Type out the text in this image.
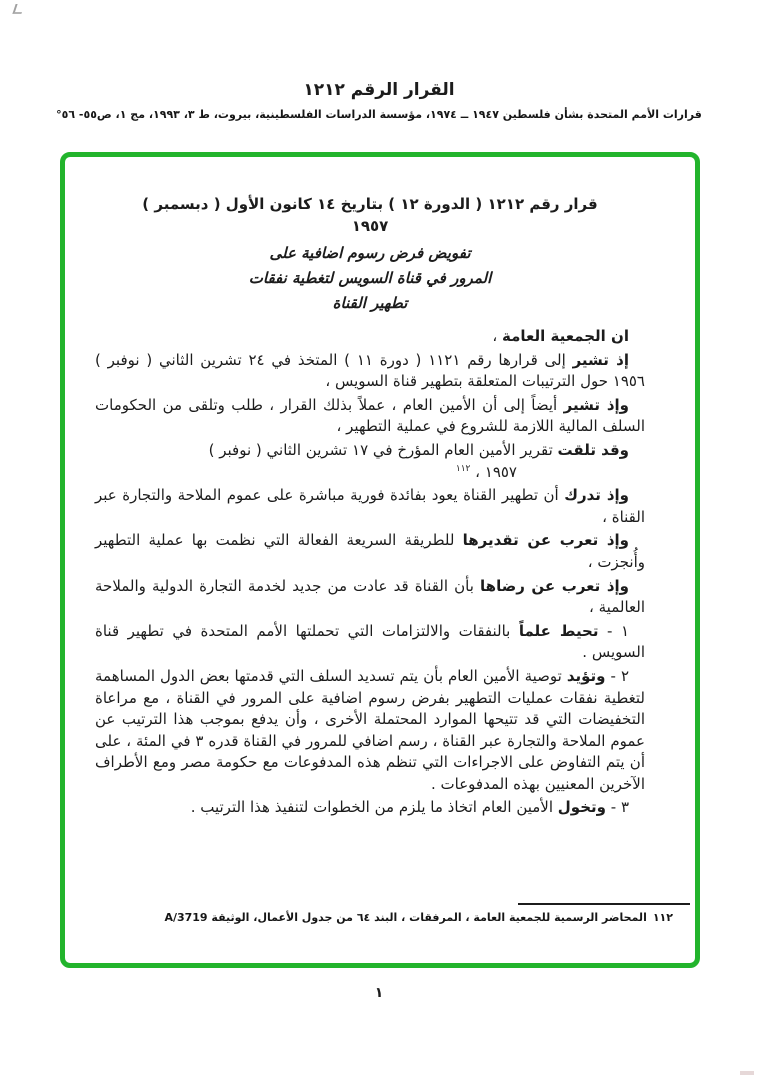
القرار الرقم ١٢١٢
قرارات الأمم المتحدة بشأن فلسطين ١٩٤٧ ــ ١٩٧٤، مؤسسة الدراسات الفلسطينية، بيروت، ط ٣، ١٩٩٣، مج ١، ص٥٥- ٥٦°
قرار رقم ١٢١٢ ( الدورة ١٢ ) بتاريخ ١٤ كانون الأول ( دبسمبر )
١٩٥٧
تفويض فرض رسوم اضافية على
المرور في قناة السويس لتغطية نفقات
تطهير القناة

ان الجمعية العامة ،

إذ تشير إلى قرارها رقم ١١٢١ ( دورة ١١ ) المتخذ في ٢٤ تشرين الثاني ( نوفبر ) ١٩٥٦ حول الترتيبات المتعلقة بتطهير قناة السويس ،

وإذ تشير أيضاً إلى أن الأمين العام ، عملاً بذلك القرار ، طلب وتلقى من الحكومات السلف المالية اللازمة للشروع في عملية التطهير ،

وقد تلقت تقرير الأمين العام المؤرخ في ١٧ تشرين الثاني ( نوفبر )
١٩٥٧ ، $^{١١٢}$

وإذ تدرك أن تطهير القناة يعود بفائدة فورية مباشرة على عموم الملاحة والتجارة عبر القناة ،

وإذ تعرب عن تقديرها للطريقة السريعة الفعالة التي نظمت بها عملية التطهير وأُنجزت ،

وإذ تعرب عن رضاها بأن القناة قد عادت من جديد لخدمة التجارة الدولية والملاحة العالمية ،

١ - تحيط علماً بالنفقات والالتزامات التي تحملتها الأمم المتحدة في تطهير قناة السويس .

٢ - وتؤيد توصية الأمين العام بأن يتم تسديد السلف التي قدمتها بعض الدول المساهمة لتغطية نفقات عمليات التطهير بفرض رسوم اضافية على المرور في القناة ، مع مراعاة التخفيضات التي قد تتيحها الموارد المحتملة الأخرى ، وأن يدفع بموجب هذا الترتيب عن عموم الملاحة والتجارة عبر القناة ، رسم اضافي للمرور في القناة قدره ٣ في المئة ، على أن يتم التفاوض على الاجراءات التي تنظم هذه المدفوعات مع حكومة مصر ومع الأطراف الآخرين المعنيين بهذه المدفوعات .

٣ - وتخول الأمين العام اتخاذ ما يلزم من الخطوات لتنفيذ هذا الترتيب .

١١٢المحاضر الرسمية للجمعية العامة ، المرفقات ، البند ٦٤ من جدول الأعمال، الوثيقة A/3719
١
